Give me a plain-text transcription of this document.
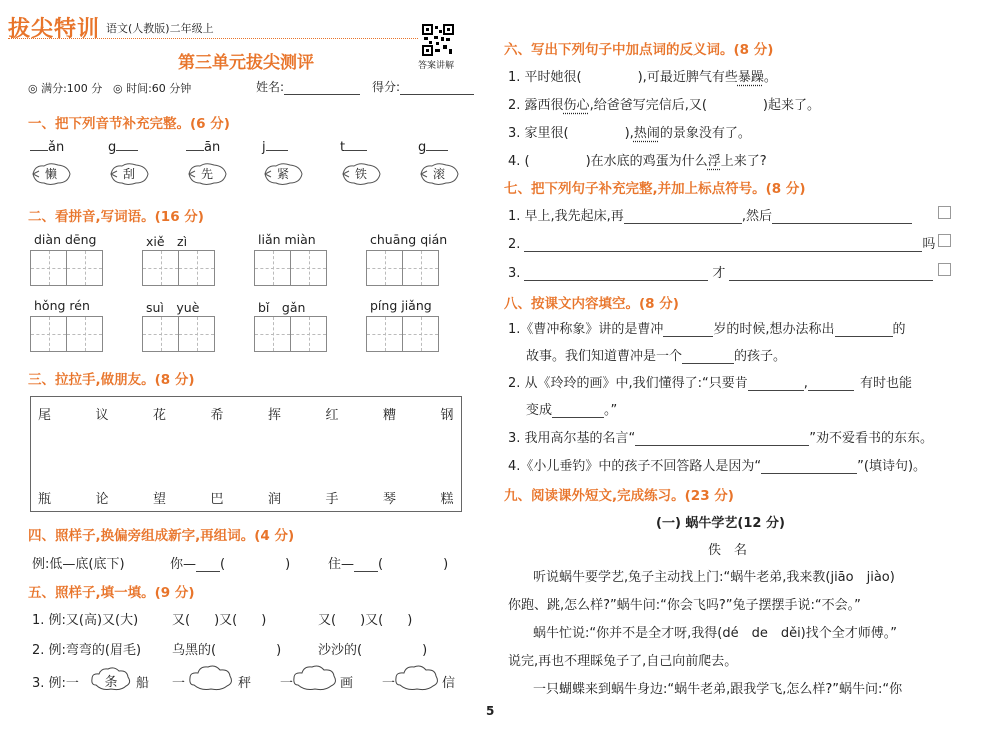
拔尖特训 语文(人教版)二年级上
第三单元拔尖测评	答案讲解
◎ 满分:100 分 ◎ 时间:60 分钟	姓名:	得分:
一、把下列音节补充完整。(6 分)
ǎn
懒
g
刮
ān
先
j
紧
t
铁
g
滚
二、看拼音,写词语。(16 分)
diàn dēng	xiě　zì	liǎn miàn	chuāng qián
hǒng rén	suì　yuè	bǐ　gǎn	píng jiǎng
三、拉拉手,做朋友。(8 分)
尾	议	花	希	挥	红	糟	钢
瓶	论	望	巴	润	手	琴	糕
四、照样子,换偏旁组成新字,再组词。(4 分)
例:低—底(底下)	你— (	)	住— (	)
五、照样子,填一填。(9 分)
1. 例:又(高)又(大)	又( )又( )	又( )又( )
2. 例:弯弯的(眉毛) 乌黑的(	)	沙沙的(	)
3. 例:一	条	船 一	秤 一	画 一	信
六、写出下列句子中加点词的反义词。(8 分)
1. 平时她很(	),可最近脾气有些暴躁。
2. 露西很伤心,给爸爸写完信后,又(	)起来了。
3. 家里很(	),热闹的景象没有了。
4. (	)在水底的鸡蛋为什么浮上来了?
七、把下列句子补充完整,并加上标点符号。(8 分)
1. 早上,我先起床,再	,然后
2.	吗
3.	才
八、按课文内容填空。(8 分)
1.《曹冲称象》讲的是曹冲	岁的时候,想办法称出	的
故事。我们知道曹冲是一个	的孩子。
2. 从《玲玲的画》中,我们懂得了:“只要肯	,	有时也能
变成	。”
3. 我用高尔基的名言“	”劝不爱看书的东东。
4.《小儿垂钓》中的孩子不回答路人是因为“	”(填诗句)。
九、阅读课外短文,完成练习。(23 分)
(一) 蜗牛学艺(12 分)
佚　名
听说蜗牛要学艺,兔子主动找上门:“蜗牛老弟,我来教(jiāo　jiào)
你跑、跳,怎么样?”蜗牛问:“你会飞吗?”兔子摆摆手说:“不会。”
蜗牛忙说:“你并不是全才呀,我得(dé　de　děi)找个全才师傅。”
说完,再也不理睬兔子了,自己向前爬去。
一只蝴蝶来到蜗牛身边:“蜗牛老弟,跟我学飞,怎么样?”蜗牛问:“你
5
